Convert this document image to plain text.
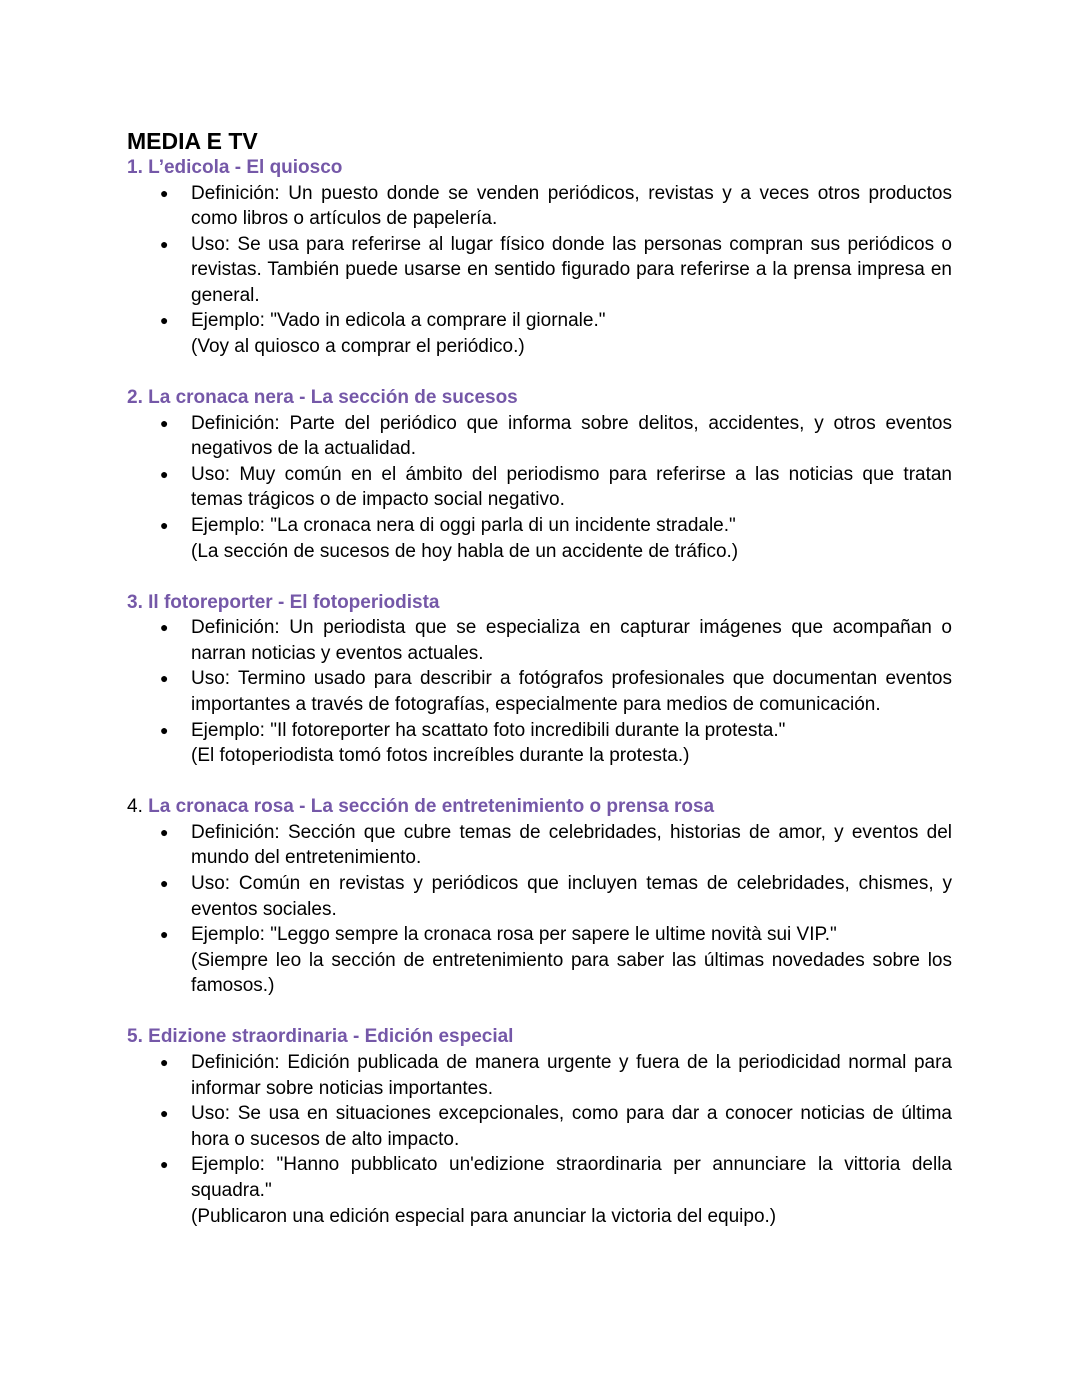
MEDIA E TV

1. L’edicola - El quiosco

● Definición: Un puesto donde se venden periódicos, revistas y a veces otros productos como libros o artículos de papelería.
● Uso: Se usa para referirse al lugar físico donde las personas compran sus periódicos o revistas. También puede usarse en sentido figurado para referirse a la prensa impresa en general.
● Ejemplo: "Vado in edicola a comprare il giornale."
(Voy al quiosco a comprar el periódico.)

2. La cronaca nera - La sección de sucesos

● Definición: Parte del periódico que informa sobre delitos, accidentes, y otros eventos negativos de la actualidad.
● Uso: Muy común en el ámbito del periodismo para referirse a las noticias que tratan temas trágicos o de impacto social negativo.
● Ejemplo: "La cronaca nera di oggi parla di un incidente stradale."
(La sección de sucesos de hoy habla de un accidente de tráfico.)

3. Il fotoreporter - El fotoperiodista

● Definición: Un periodista que se especializa en capturar imágenes que acompañan o narran noticias y eventos actuales.
● Uso: Termino usado para describir a fotógrafos profesionales que documentan eventos importantes a través de fotografías, especialmente para medios de comunicación.
● Ejemplo: "Il fotoreporter ha scattato foto incredibili durante la protesta."
(El fotoperiodista tomó fotos increíbles durante la protesta.)

4. La cronaca rosa - La sección de entretenimiento o prensa rosa

● Definición: Sección que cubre temas de celebridades, historias de amor, y eventos del mundo del entretenimiento.
● Uso: Común en revistas y periódicos que incluyen temas de celebridades, chismes, y eventos sociales.
● Ejemplo: "Leggo sempre la cronaca rosa per sapere le ultime novità sui VIP."
(Siempre leo la sección de entretenimiento para saber las últimas novedades sobre los famosos.)

5. Edizione straordinaria - Edición especial

● Definición: Edición publicada de manera urgente y fuera de la periodicidad normal para informar sobre noticias importantes.
● Uso: Se usa en situaciones excepcionales, como para dar a conocer noticias de última hora o sucesos de alto impacto.
● Ejemplo: "Hanno pubblicato un'edizione straordinaria per annunciare la vittoria della squadra."
(Publicaron una edición especial para anunciar la victoria del equipo.)
